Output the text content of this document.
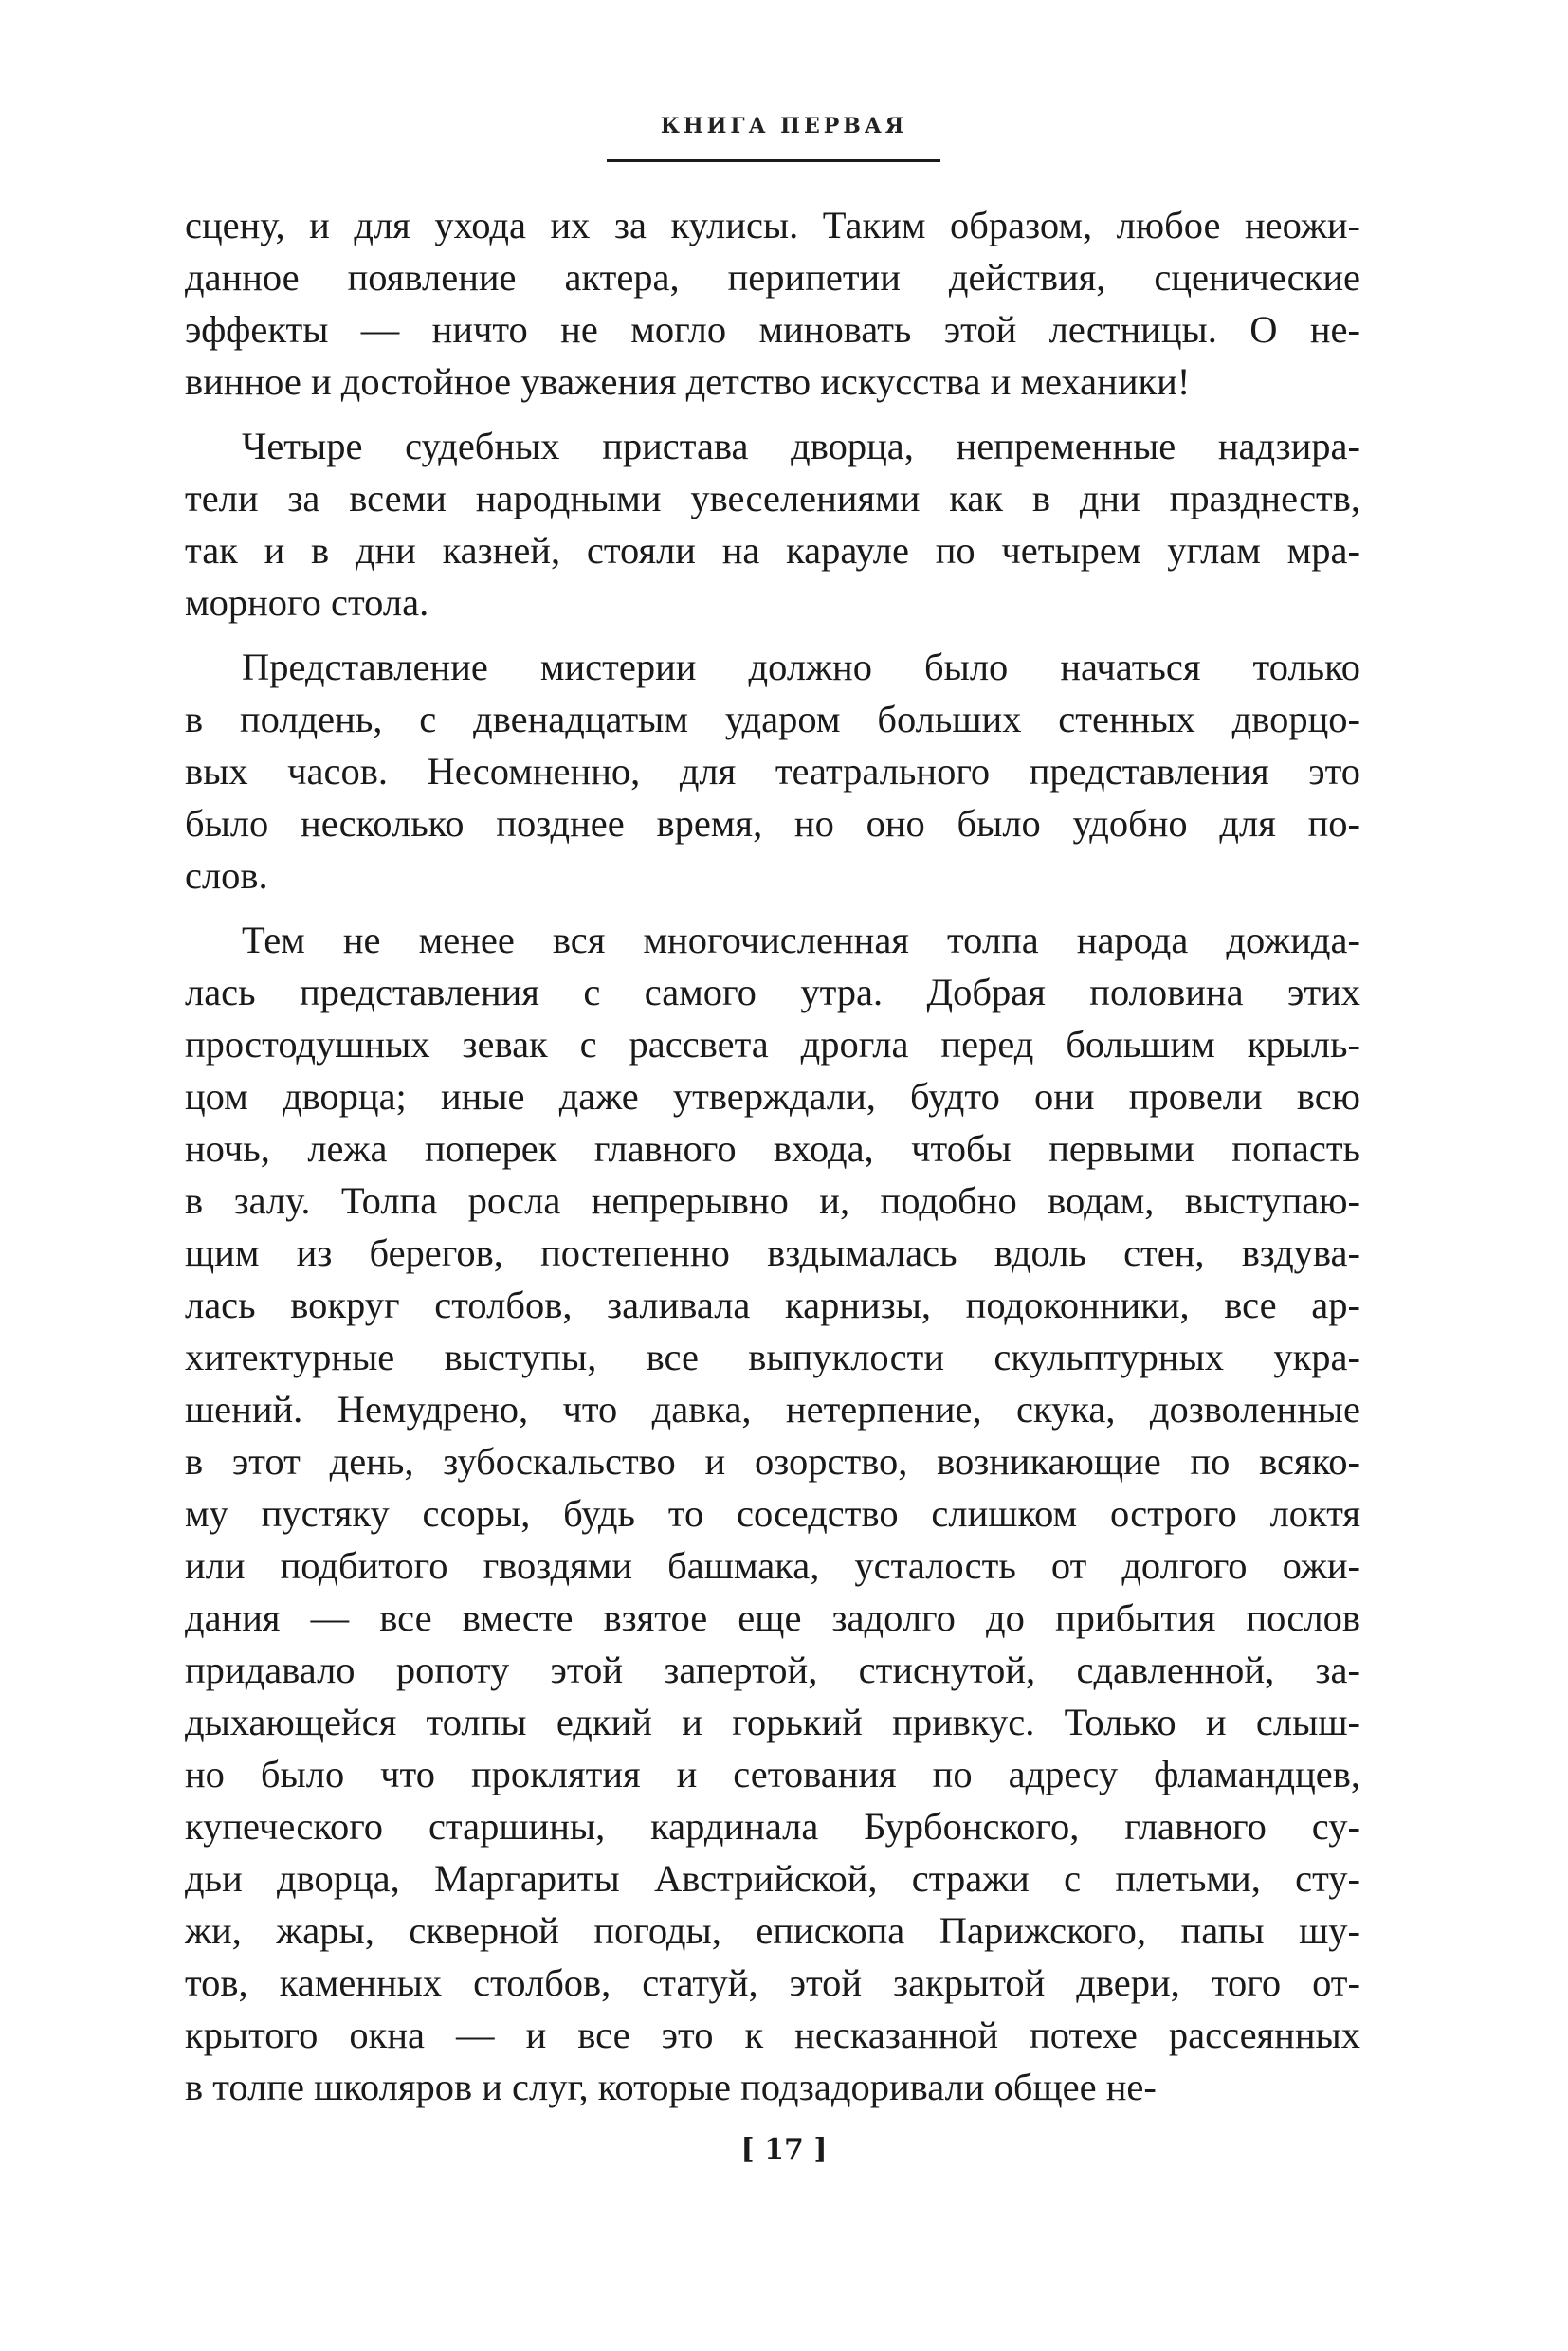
КНИГА ПЕРВАЯ
сцену, и для ухода их за кулисы. Таким образом, любое неожи-
данное появление актера, перипетии действия, сценические
эффекты — ничто не могло миновать этой лестницы. О не-
винное и достойное уважения детство искусства и механики!
Четыре судебных пристава дворца, непременные надзира-
тели за всеми народными увеселениями как в дни празднеств,
так и в дни казней, стояли на карауле по четырем углам мра-
морного стола.
Представление мистерии должно было начаться только
в полдень, с двенадцатым ударом больших стенных дворцо-
вых часов. Несомненно, для театрального представления это
было несколько позднее время, но оно было удобно для по-
слов.
Тем не менее вся многочисленная толпа народа дожида-
лась представления с самого утра. Добрая половина этих
простодушных зевак с рассвета дрогла перед большим крыль-
цом дворца; иные даже утверждали, будто они провели всю
ночь, лежа поперек главного входа, чтобы первыми попасть
в залу. Толпа росла непрерывно и, подобно водам, выступаю-
щим из берегов, постепенно вздымалась вдоль стен, вздува-
лась вокруг столбов, заливала карнизы, подоконники, все ар-
хитектурные выступы, все выпуклости скульптурных укра-
шений. Немудрено, что давка, нетерпение, скука, дозволенные
в этот день, зубоскальство и озорство, возникающие по всяко-
му пустяку ссоры, будь то соседство слишком острого локтя
или подбитого гвоздями башмака, усталость от долгого ожи-
дания — все вместе взятое еще задолго до прибытия послов
придавало ропоту этой запертой, стиснутой, сдавленной, за-
дыхающейся толпы едкий и горький привкус. Только и слыш-
но было что проклятия и сетования по адресу фламандцев,
купеческого старшины, кардинала Бурбонского, главного су-
дьи дворца, Маргариты Австрийской, стражи с плетьми, сту-
жи, жары, скверной погоды, епископа Парижского, папы шу-
тов, каменных столбов, статуй, этой закрытой двери, того от-
крытого окна — и все это к несказанной потехе рассеянных
в толпе школяров и слуг, которые подзадоривали общее не-
[ 17 ]
